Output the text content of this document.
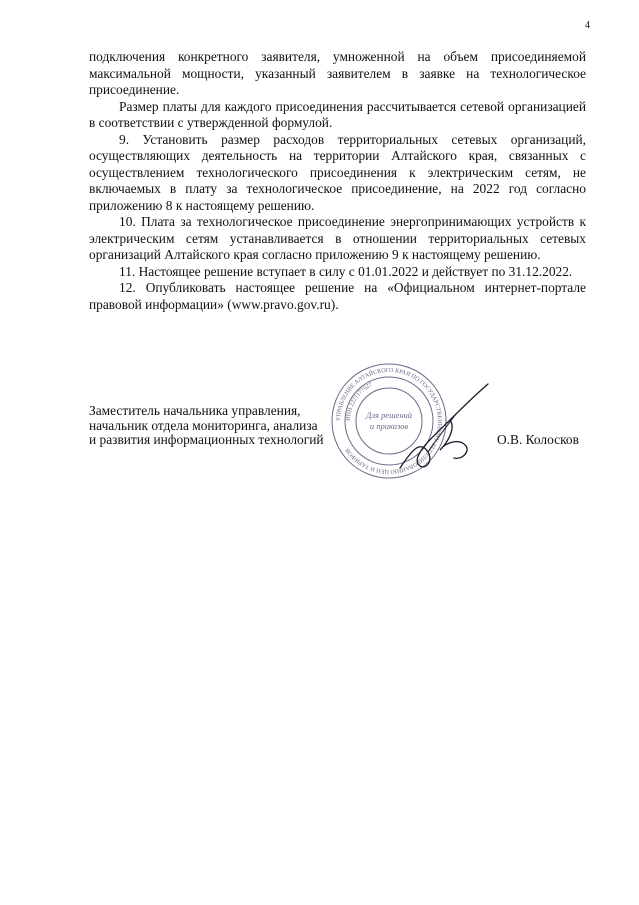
4

подключения конкретного заявителя, умноженной на объем присоединяемой максимальной мощности, указанный заявителем в заявке на технологическое присоединение.

Размер платы для каждого присоединения рассчитывается сетевой организацией в соответствии с утвержденной формулой.

9. Установить размер расходов территориальных сетевых организаций, осуществляющих деятельность на территории Алтайского края, связанных с осуществлением технологического присоединения к электрическим сетям, не включаемых в плату за технологическое присоединение, на 2022 год согласно приложению 8 к настоящему решению.

10. Плата за технологическое присоединение энергопринимающих устройств к электрическим сетям устанавливается в отношении территориальных сетевых организаций Алтайского края согласно приложению 9 к настоящему решению.

11. Настоящее решение вступает в силу с 01.01.2022 и действует по 31.12.2022.

12. Опубликовать настоящее решение на «Официальном интернет-портале правовой информации» (www.pravo.gov.ru).

Заместитель начальника управления,
начальник отдела мониторинга, анализа
и развития информационных технологий	О.В. Колосков
УПРАВЛЕНИЕ АЛТАЙСКОГО КРАЯ ПО ГОСУДАРСТВЕННОМУ РЕГУЛИРОВАНИЮ ЦЕН И ТАРИФОВ
ИНН 2221177627
Для решений
и приказов
